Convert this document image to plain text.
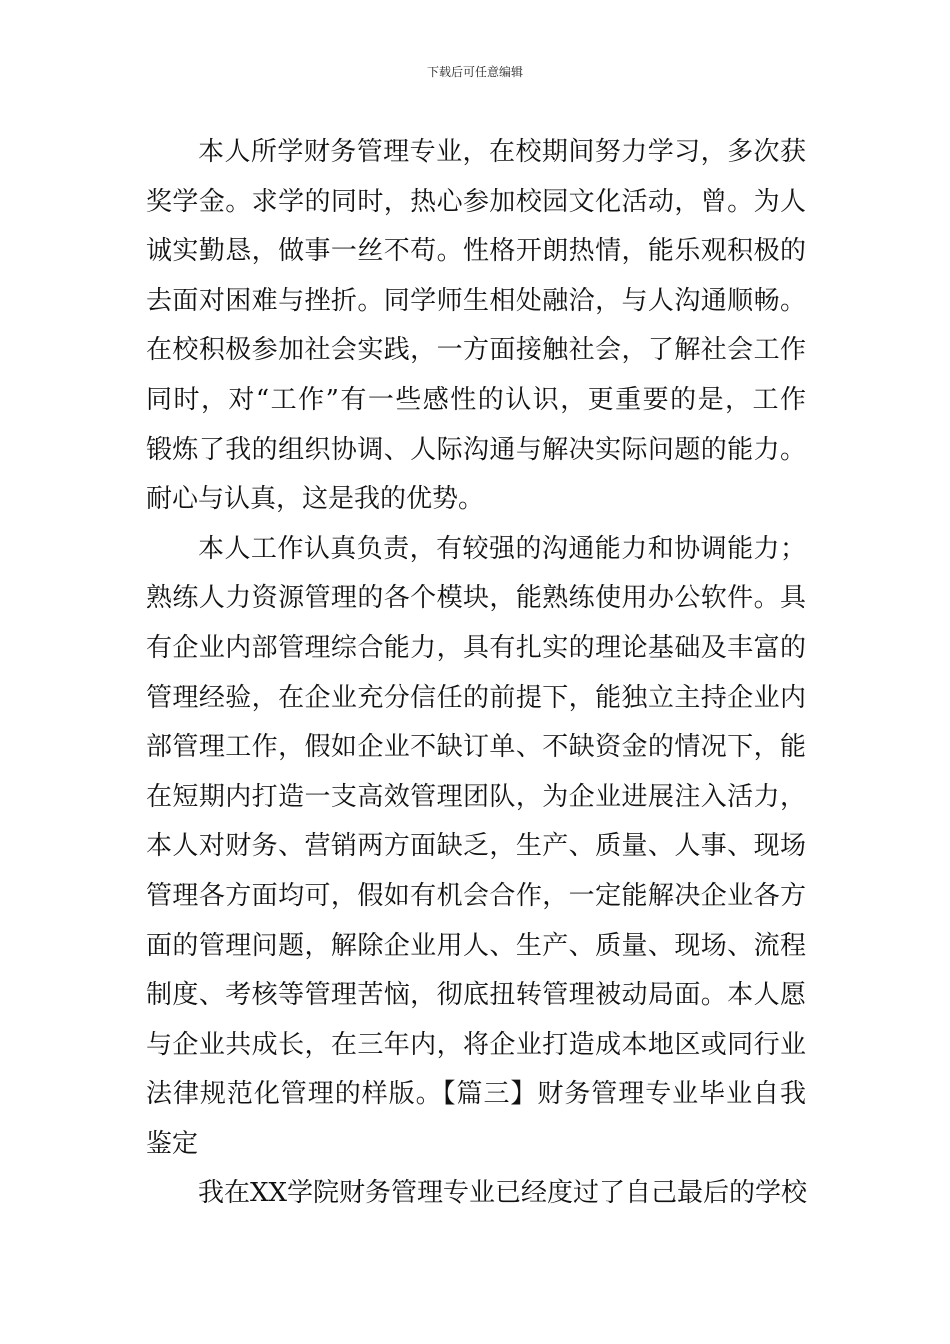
下载后可任意编辑
本人所学财务管理专业，在校期间努力学习，多次获
奖学金。求学的同时，热心参加校园文化活动，曾。为人
诚实勤恳，做事一丝不苟。性格开朗热情，能乐观积极的
去面对困难与挫折。同学师生相处融洽，与人沟通顺畅。
在校积极参加社会实践，一方面接触社会，了解社会工作
同时，对“工作”有一些感性的认识，更重要的是，工作
锻炼了我的组织协调、人际沟通与解决实际问题的能力。
耐心与认真，这是我的优势。
本人工作认真负责，有较强的沟通能力和协调能力；
熟练人力资源管理的各个模块，能熟练使用办公软件。具
有企业内部管理综合能力，具有扎实的理论基础及丰富的
管理经验，在企业充分信任的前提下，能独立主持企业内
部管理工作，假如企业不缺订单、不缺资金的情况下，能
在短期内打造一支高效管理团队，为企业进展注入活力，
本人对财务、营销两方面缺乏，生产、质量、人事、现场
管理各方面均可，假如有机会合作，一定能解决企业各方
面的管理问题，解除企业用人、生产、质量、现场、流程
制度、考核等管理苦恼，彻底扭转管理被动局面。本人愿
与企业共成长，在三年内，将企业打造成本地区或同行业
法律规范化管理的样版。【篇三】财务管理专业毕业自我
鉴定
我在XX学院财务管理专业已经度过了自己最后的学校
